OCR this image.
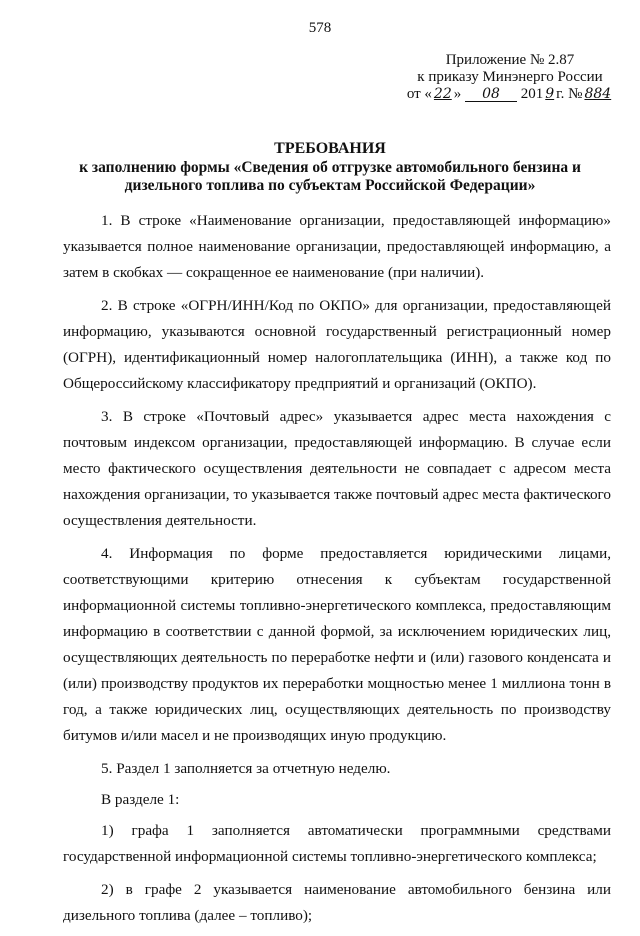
578
Приложение № 2.87
к приказу Минэнерго России
от « 22 » 08 201 9 г. № 884
ТРЕБОВАНИЯ
к заполнению формы «Сведения об отгрузке автомобильного бензина и
дизельного топлива по субъектам Российской Федерации»

1. В строке «Наименование организации, предоставляющей информацию» указывается полное наименование организации, предоставляющей информацию, а затем в скобках — сокращенное ее наименование (при наличии).

2. В строке «ОГРН/ИНН/Код по ОКПО» для организации, предоставляющей информацию, указываются основной государственный регистрационный номер (ОГРН), идентификационный номер налогоплательщика (ИНН), а также код по Общероссийскому классификатору предприятий и организаций (ОКПО).

3. В строке «Почтовый адрес» указывается адрес места нахождения с почтовым индексом организации, предоставляющей информацию. В случае если место фактического осуществления деятельности не совпадает с адресом места нахождения организации, то указывается также почтовый адрес места фактического осуществления деятельности.

4. Информация по форме предоставляется юридическими лицами, соответствующими критерию отнесения к субъектам государственной информационной системы топливно-энергетического комплекса, предоставляющим информацию в соответствии с данной формой, за исключением юридических лиц, осуществляющих деятельность по переработке нефти и (или) газового конденсата и (или) производству продуктов их переработки мощностью менее 1 миллиона тонн в год, а также юридических лиц, осуществляющих деятельность по производству битумов и/или масел и не производящих иную продукцию.

5. Раздел 1 заполняется за отчетную неделю.

В разделе 1:

1) графа 1 заполняется автоматически программными средствами государственной информационной системы топливно-энергетического комплекса;

2) в графе 2 указывается наименование автомобильного бензина или дизельного топлива (далее – топливо);
